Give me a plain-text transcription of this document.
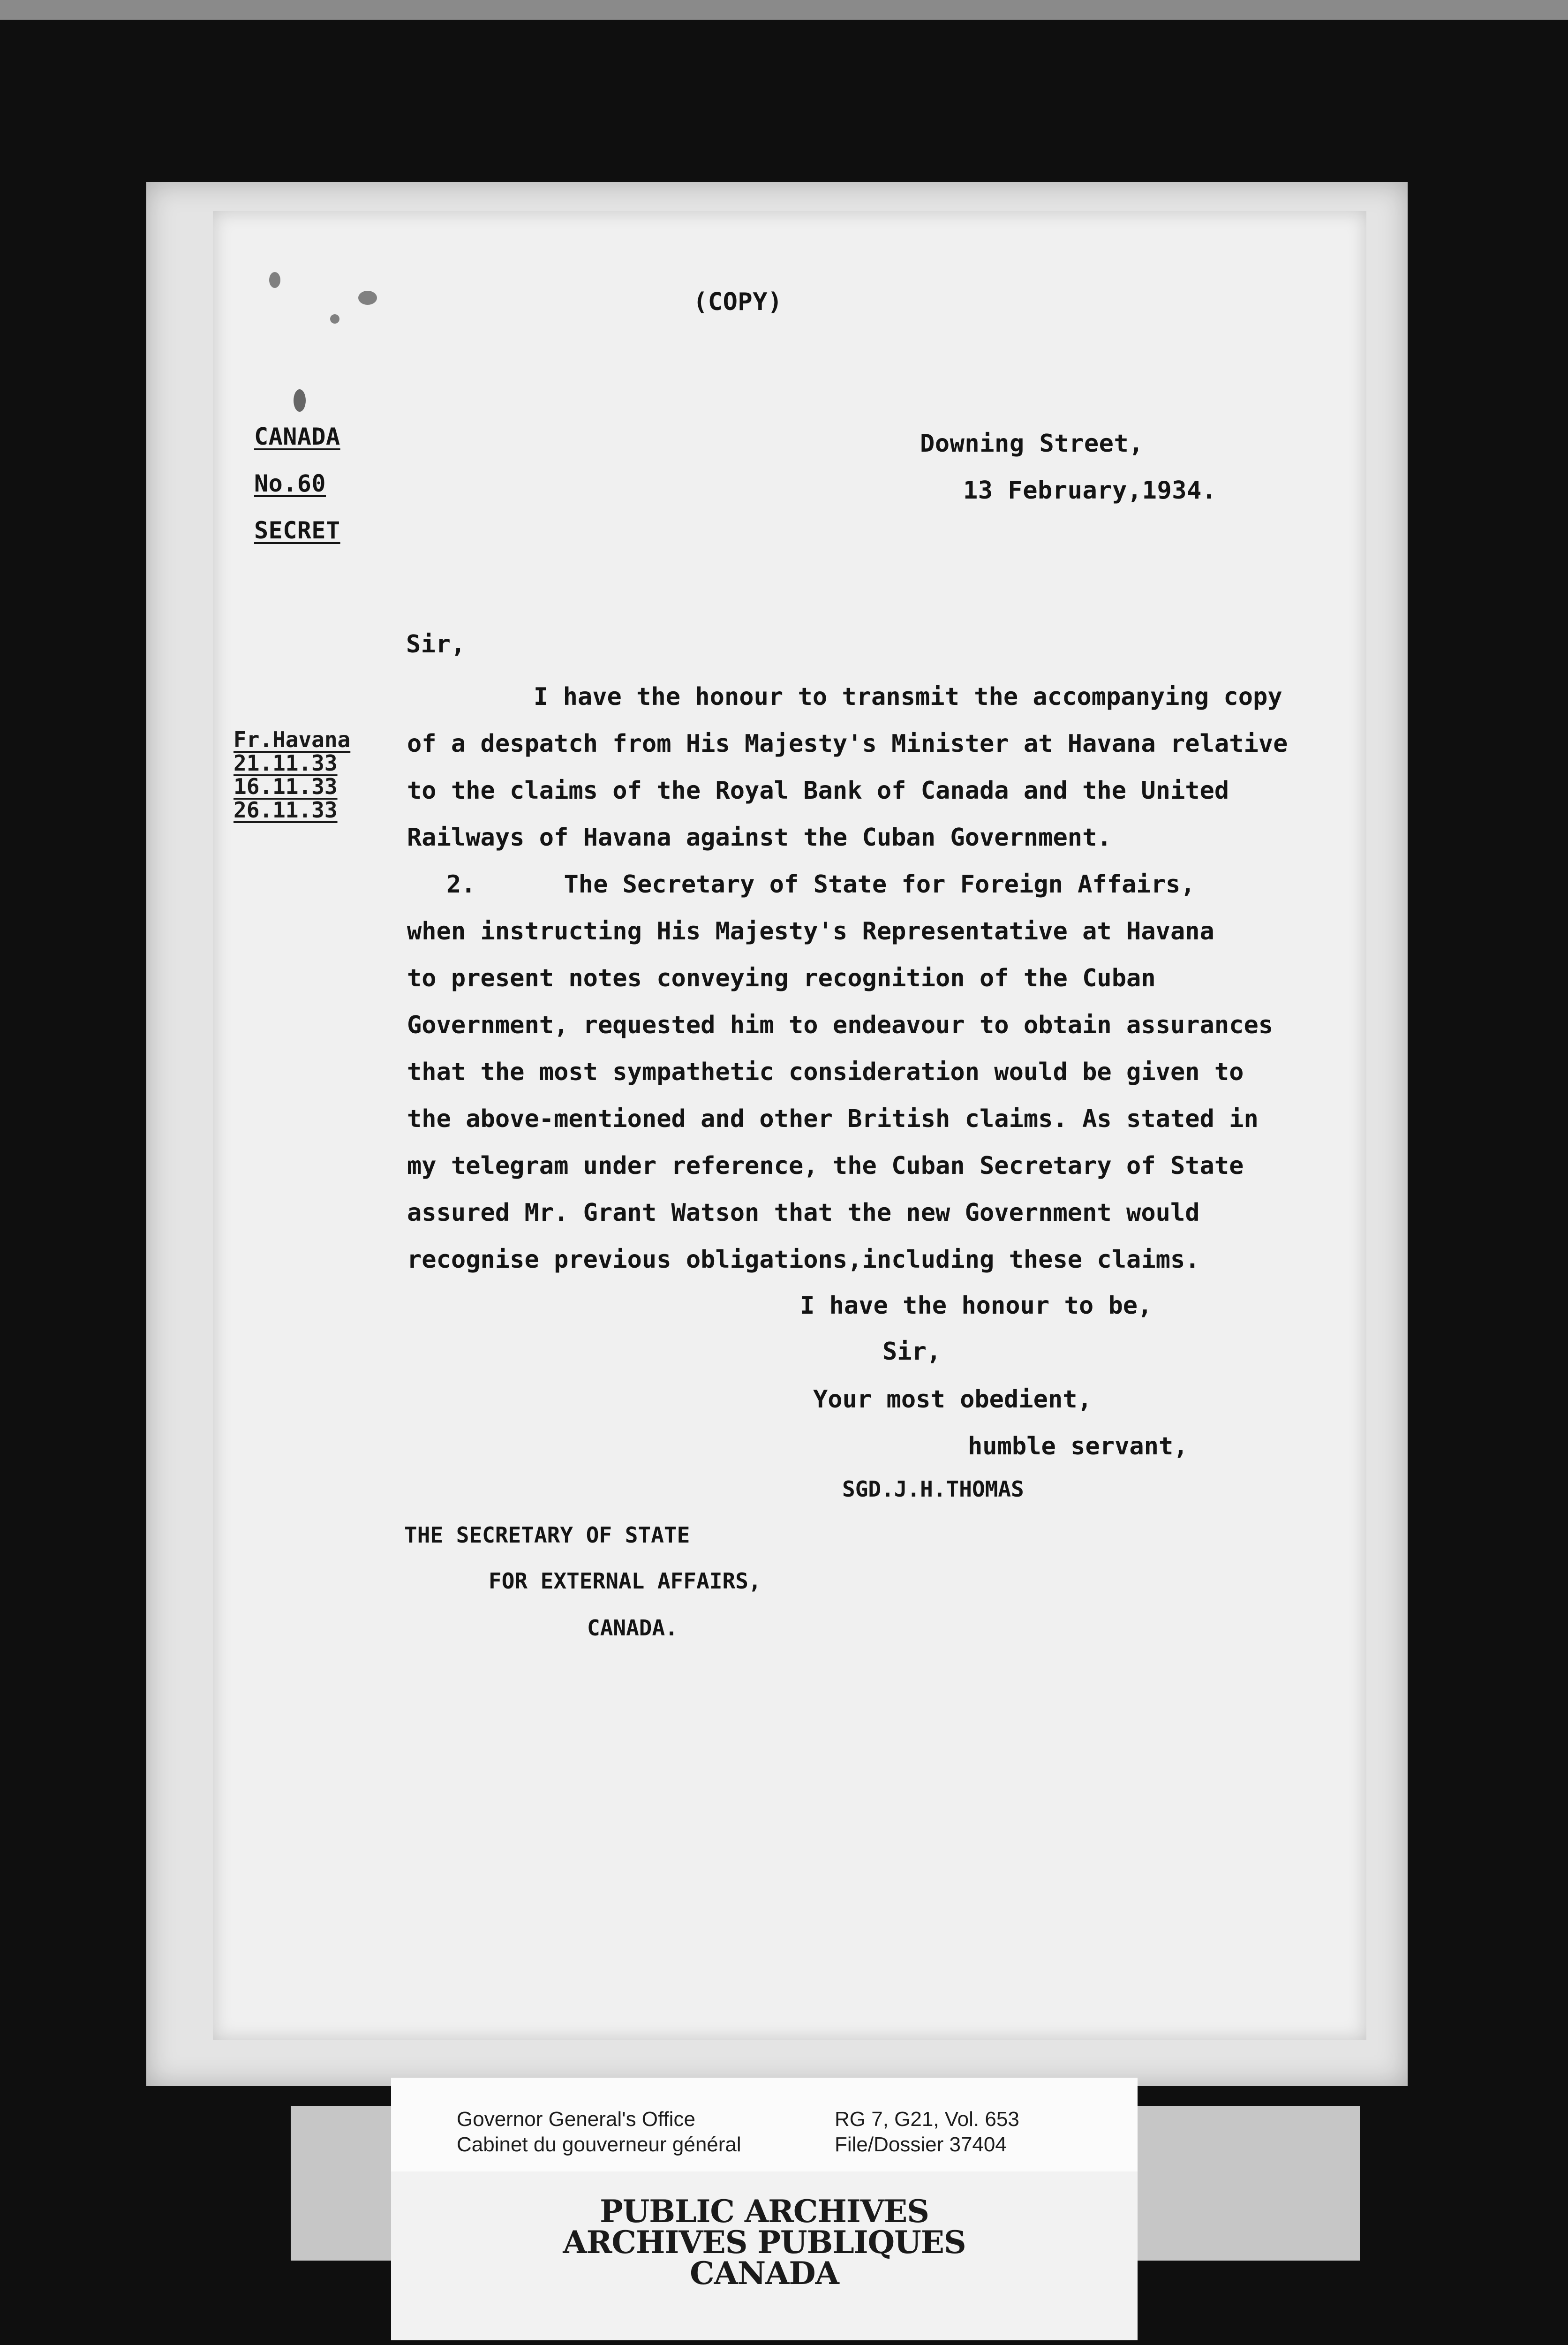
(COPY)
CANADA
No.60
SECRET
Downing Street,
13 February,1934.
Sir,
Fr.Havana
21.11.33
16.11.33
26.11.33
I have the honour to transmit the accompanying copy
of a despatch from His Majesty's Minister at Havana relative
to the claims of the Royal Bank of Canada and the United
Railways of Havana against the Cuban Government.
2.      The Secretary of State for Foreign Affairs,
when instructing His Majesty's Representative at Havana
to present notes conveying recognition of the Cuban
Government, requested him to endeavour to obtain assurances
that the most sympathetic consideration would be given to
the above-mentioned and other British claims. As stated in
my telegram under reference, the Cuban Secretary of State
assured Mr. Grant Watson that the new Government would
recognise previous obligations,including these claims.
I have the honour to be,
Sir,
Your most obedient,
humble servant,
SGD.J.H.THOMAS
THE SECRETARY OF STATE
FOR EXTERNAL AFFAIRS,
CANADA.
Governor General's Office
Cabinet du gouverneur général
RG 7, G21, Vol. 653
File/Dossier 37404
PUBLIC ARCHIVES
ARCHIVES PUBLIQUES
CANADA
